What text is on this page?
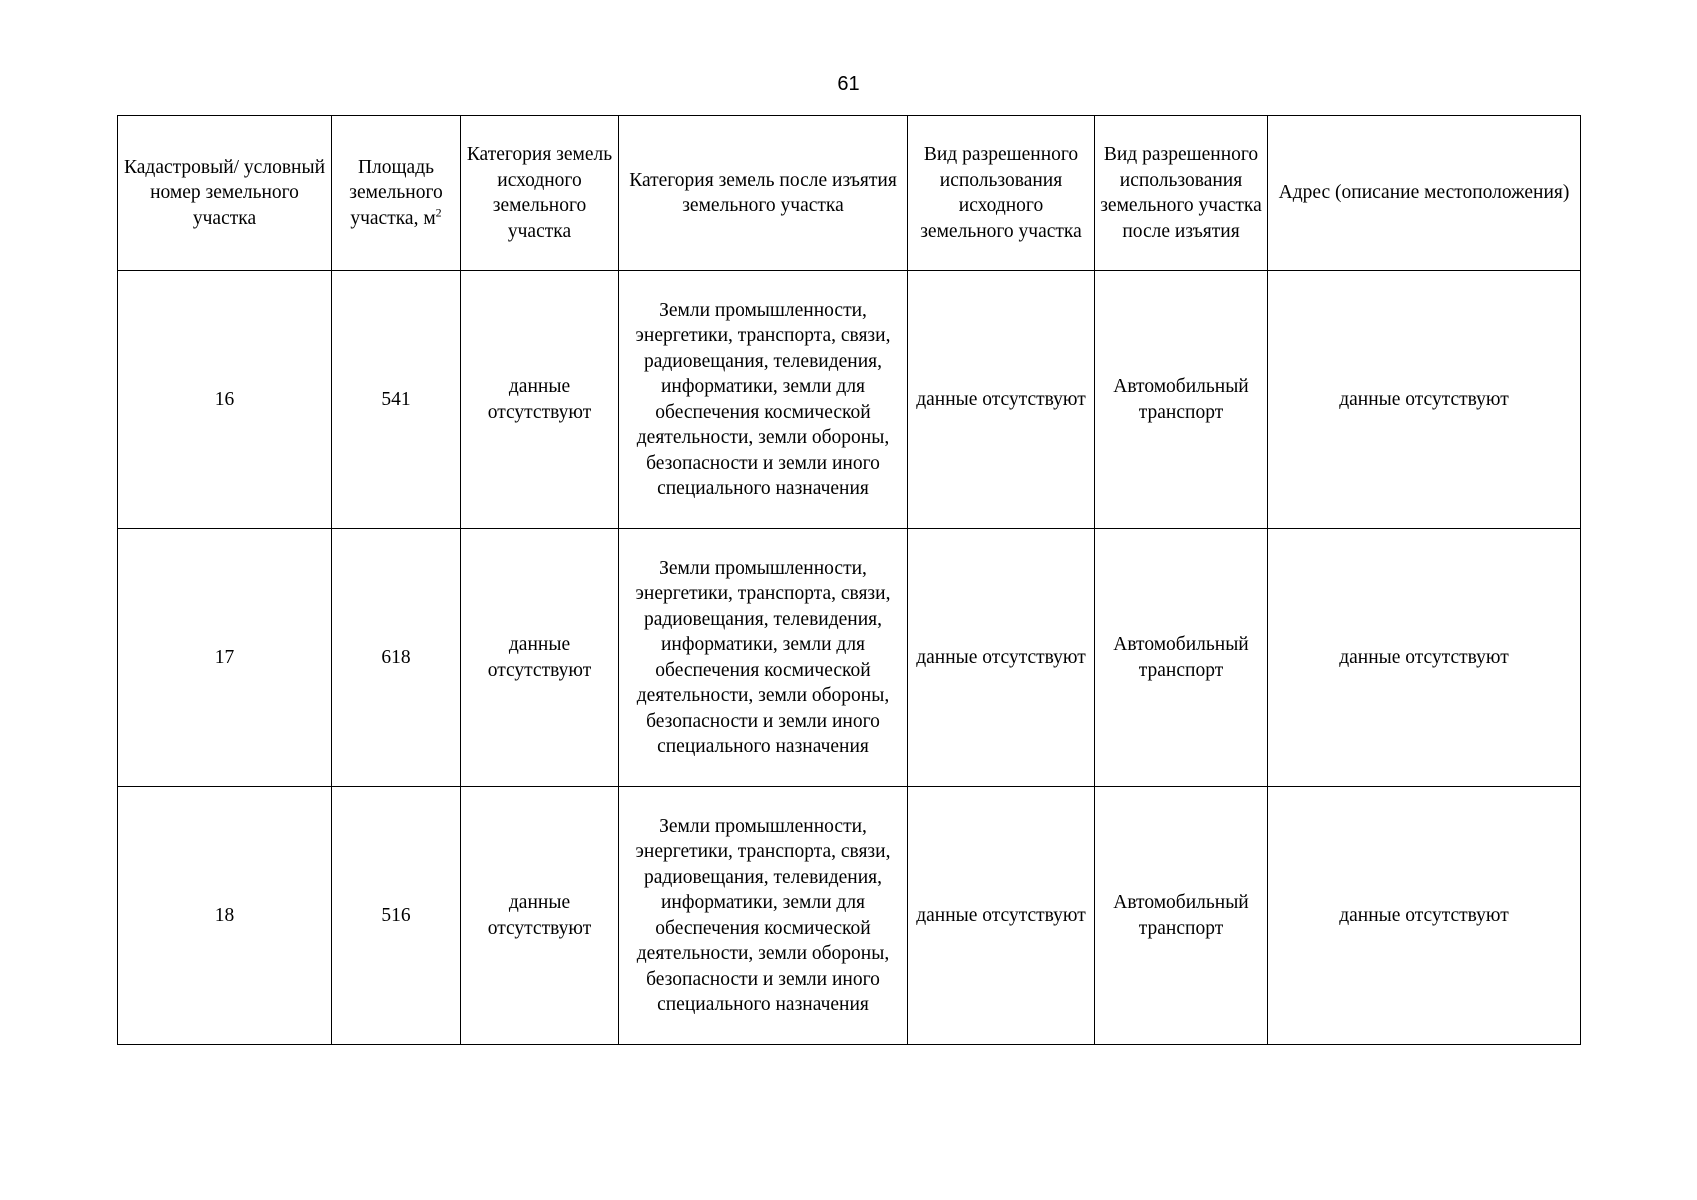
61
Кадастровый/ условный номер земельного участка	Площадь земельного участка, $м^2$	Категория земель исходного земельного участка	Категория земель после изъятия земельного участка	Вид разрешенного использования исходного земельного участка	Вид разрешенного использования земельного участка после изъятия	Адрес (описание местоположения)
16	541	данные отсутствуют	Земли промышленности, энергетики, транспорта, связи, радиовещания, телевидения, информатики, земли для обеспечения космической деятельности, земли обороны, безопасности и земли иного специального назначения	данные отсутствуют	Автомобильный транспорт	данные отсутствуют
17	618	данные отсутствуют	Земли промышленности, энергетики, транспорта, связи, радиовещания, телевидения, информатики, земли для обеспечения космической деятельности, земли обороны, безопасности и земли иного специального назначения	данные отсутствуют	Автомобильный транспорт	данные отсутствуют
18	516	данные отсутствуют	Земли промышленности, энергетики, транспорта, связи, радиовещания, телевидения, информатики, земли для обеспечения космической деятельности, земли обороны, безопасности и земли иного специального назначения	данные отсутствуют	Автомобильный транспорт	данные отсутствуют
